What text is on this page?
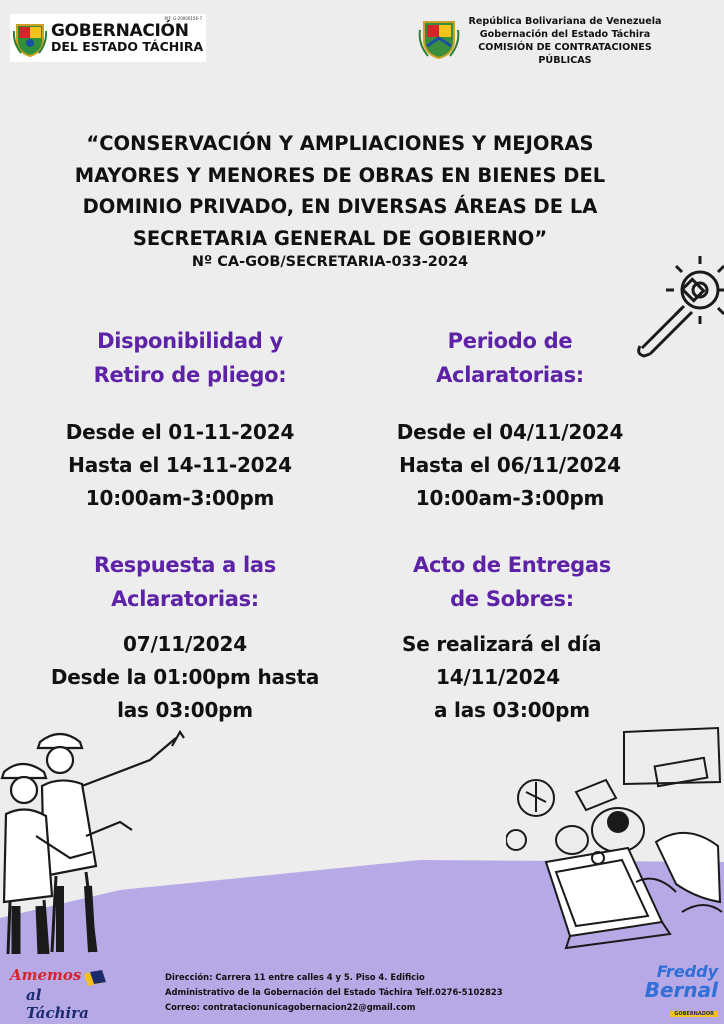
GOBERNACIÓN
DEL ESTADO TÁCHIRA
RIF: G-20000156-7	República Bolivariana de Venezuela
Gobernación del Estado Táchira
COMISIÓN DE CONTRATACIONES
PÚBLICAS
“CONSERVACIÓN Y AMPLIACIONES Y MEJORAS
MAYORES Y MENORES DE OBRAS EN BIENES DEL
DOMINIO PRIVADO, EN DIVERSAS ÁREAS DE LA
SECRETARIA GENERAL DE GOBIERNO”
Nº CA-GOB/SECRETARIA-033-2024
Disponibilidad y
Retiro de pliego:
Desde el 01-11-2024
Hasta el 14-11-2024
10:00am-3:00pm
Periodo de
Aclaratorias:
Desde el 04/11/2024
Hasta el 06/11/2024
10:00am-3:00pm
Respuesta a las
Aclaratorias:
07/11/2024
Desde la 01:00pm hasta
las 03:00pm
Acto de Entregas
de Sobres:
Se realizará el día
14/11/2024
a las 03:00pm
Dirección: Carrera 11 entre calles 4 y 5. Piso 4. Edificio
Administrativo de la Gobernación del Estado Táchira Telf.0276-5102823
Correo: contratacionunicagobernacion22@gmail.com
Amemos
al Táchira
Freddy
Bernal
GOBERNADOR
